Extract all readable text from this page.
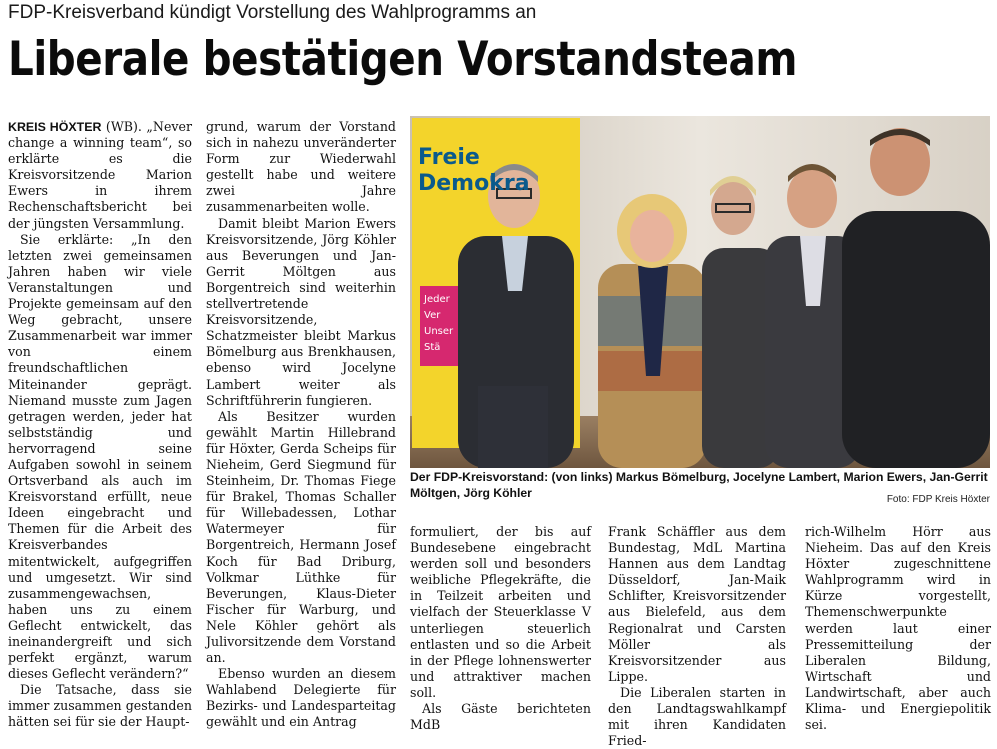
FDP-Kreisverband kündigt Vorstellung des Wahlprogramms an
Liberale bestätigen Vorstandsteam

KREIS HÖXTER (WB). „Never change a winning team“, so erklärte es die Kreisvorsitzende Marion Ewers in ihrem Rechenschaftsbericht bei der jüngsten Versammlung.

Sie erklärte: „In den letzten zwei gemeinsamen Jahren haben wir viele Veranstaltungen und Projekte gemeinsam auf den Weg gebracht, unsere Zusammenarbeit war immer von einem freundschaftlichen Miteinander geprägt. Niemand musste zum Jagen getragen werden, jeder hat selbstständig und hervorragend seine Aufgaben sowohl in seinem Ortsverband als auch im Kreisvorstand erfüllt, neue Ideen eingebracht und Themen für die Arbeit des Kreisverbandes mitentwickelt, aufgegriffen und umgesetzt. Wir sind zusammengewachsen, haben uns zu einem Geflecht entwickelt, das ineinandergreift und sich perfekt ergänzt, warum dieses Geflecht verändern?“

Die Tatsache, dass sie immer zusammen gestanden hätten sei für sie der Haupt-

grund, warum der Vorstand sich in nahezu unveränderter Form zur Wiederwahl gestellt habe und weitere zwei Jahre zusammenarbeiten wolle.

Damit bleibt Marion Ewers Kreisvorsitzende, Jörg Köhler aus Beverungen und Jan-Gerrit Möltgen aus Borgentreich sind weiterhin stellvertretende Kreisvorsitzende, Schatzmeister bleibt Markus Bömelburg aus Brenkhausen, ebenso wird Jocelyne Lambert weiter als Schriftführerin fungieren.

Als Besitzer wurden gewählt Martin Hillebrand für Höxter, Gerda Scheips für Nieheim, Gerd Siegmund für Steinheim, Dr. Thomas Fiege für Brakel, Thomas Schaller für Willebadessen, Lothar Watermeyer für Borgentreich, Hermann Josef Koch für Bad Driburg, Volkmar Lüthke für Beverungen, Klaus-Dieter Fischer für Warburg, und Nele Köhler gehört als Julivorsitzende dem Vorstand an.

Ebenso wurden an diesem Wahlabend Delegierte für Bezirks- und Landesparteitag gewählt und ein Antrag

Freie
Demokra
Jeder
Ver
Unser
Stä
Der FDP-Kreisvorstand: (von links) Markus Bömelburg, Jocelyne Lambert, Marion Ewers, Jan-Gerrit Möltgen, Jörg Köhler	Foto: FDP Kreis Höxter

formuliert, der bis auf Bundesebene eingebracht werden soll und besonders weibliche Pflegekräfte, die in Teilzeit arbeiten und vielfach der Steuerklasse V unterliegen steuerlich entlasten und so die Arbeit in der Pflege lohnenswerter und attraktiver machen soll.

Als Gäste berichteten MdB

Frank Schäffler aus dem Bundestag, MdL Martina Hannen aus dem Landtag Düsseldorf, Jan-Maik Schlifter, Kreisvorsitzender aus Bielefeld, aus dem Regionalrat und Carsten Möller als Kreisvorsitzender aus Lippe.

Die Liberalen starten in den Landtagswahlkampf mit ihren Kandidaten Fried-

rich-Wilhelm Hörr aus Nieheim. Das auf den Kreis Höxter zugeschnittene Wahlprogramm wird in Kürze vorgestellt, Themenschwerpunkte werden laut einer Pressemitteilung der Liberalen Bildung, Wirtschaft und Landwirtschaft, aber auch Klima- und Energiepolitik sei.
